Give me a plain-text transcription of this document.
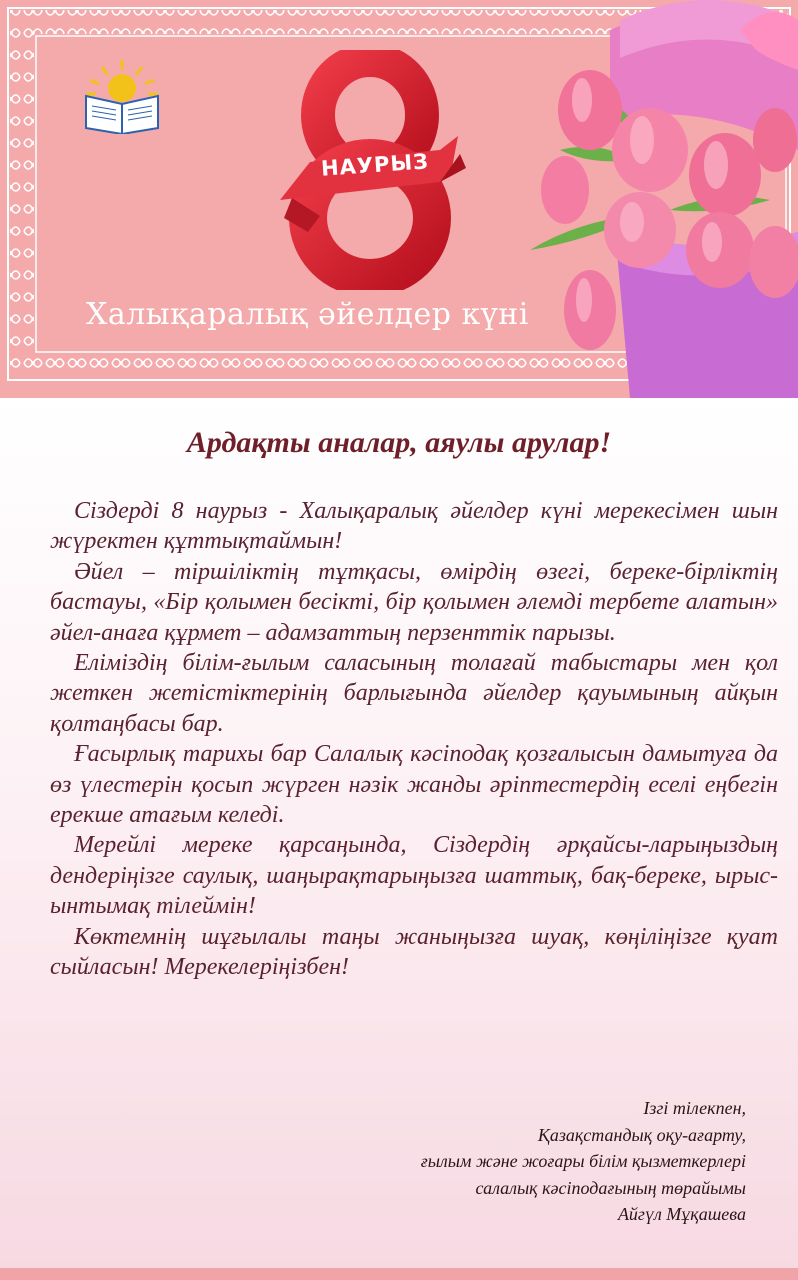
НАУРЫЗ
Халықаралық әйелдер күні
Ардақты аналар, аяулы арулар!

Сіздерді 8 наурыз - Халықаралық әйелдер күні мерекесімен шын жүректен құттықтаймын!

Әйел – тіршіліктің тұтқасы, өмірдің өзегі, береке-бірліктің бастауы, «Бір қолымен бесікті, бір қолымен әлемді тербете алатын» әйел-анаға құрмет – адамзаттың перзенттік парызы.

Еліміздің білім-ғылым саласының толағай табыстары мен қол жеткен жетістіктерінің барлығында әйелдер қауымының айқын қолтаңбасы бар.

Ғасырлық тарихы бар Салалық кәсіподақ қозғалысын дамытуға да өз үлестерін қосып жүрген нәзік жанды әріптестердің еселі еңбегін ерекше атағым келеді.

Мерейлі мереке қарсаңында, Сіздердің әрқайсы-ларыңыздың дендеріңізге саулық, шаңырақтарыңызға шаттық, бақ-береке, ырыс-ынтымақ тілеймін!

Көктемнің шұғылалы таңы жаныңызға шуақ, көңіліңізге қуат сыйласын! Мерекелеріңізбен!

Ізгі тілекпен,
Қазақстандық оқу-ағарту,
ғылым және жоғары білім қызметкерлері
салалық кәсіподағының төрайымы
Айгүл Мұқашева
